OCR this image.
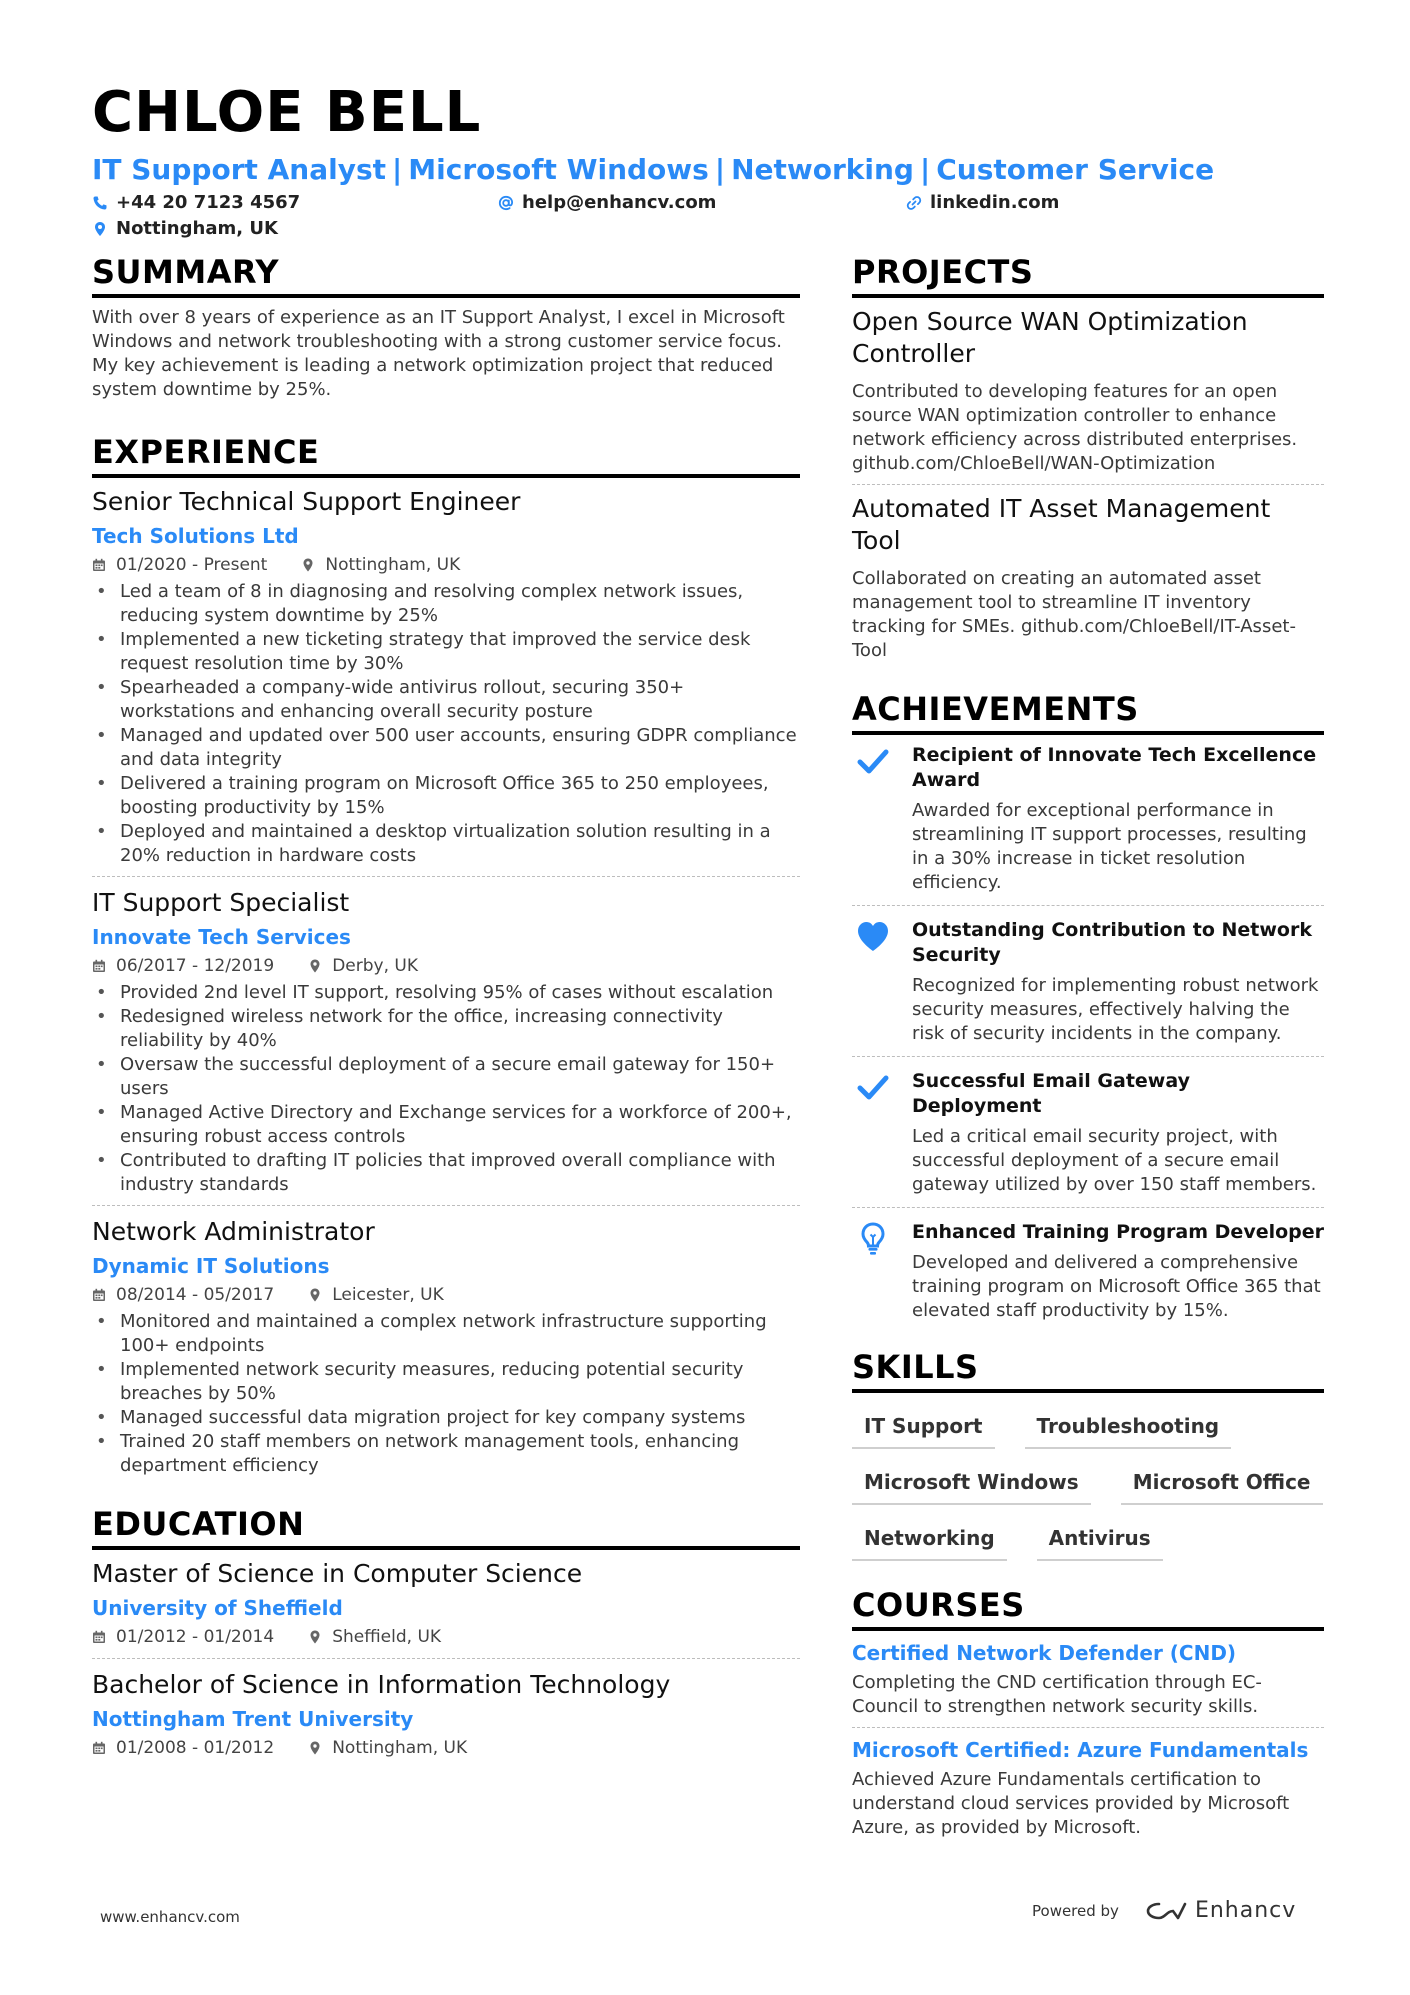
CHLOE BELL
IT Support Analyst | Microsoft Windows | Networking | Customer Service
+44 20 7123 4567	help@enhancv.com	linkedin.com
Nottingham, UK
SUMMARY

With over 8 years of experience as an IT Support Analyst, I excel in Microsoft Windows and network troubleshooting with a strong customer service focus. My key achievement is leading a network optimization project that reduced system downtime by 25%.

EXPERIENCE
Senior Technical Support Engineer
Tech Solutions Ltd
01/2020 - Present	Nottingham, UK
• Led a team of 8 in diagnosing and resolving complex network issues, reducing system downtime by 25%
• Implemented a new ticketing strategy that improved the service desk request resolution time by 30%
• Spearheaded a company-wide antivirus rollout, securing 350+ workstations and enhancing overall security posture
• Managed and updated over 500 user accounts, ensuring GDPR compliance and data integrity
• Delivered a training program on Microsoft Office 365 to 250 employees, boosting productivity by 15%
• Deployed and maintained a desktop virtualization solution resulting in a 20% reduction in hardware costs
IT Support Specialist
Innovate Tech Services
06/2017 - 12/2019	Derby, UK
• Provided 2nd level IT support, resolving 95% of cases without escalation
• Redesigned wireless network for the office, increasing connectivity reliability by 40%
• Oversaw the successful deployment of a secure email gateway for 150+ users
• Managed Active Directory and Exchange services for a workforce of 200+, ensuring robust access controls
• Contributed to drafting IT policies that improved overall compliance with industry standards
Network Administrator
Dynamic IT Solutions
08/2014 - 05/2017	Leicester, UK
• Monitored and maintained a complex network infrastructure supporting 100+ endpoints
• Implemented network security measures, reducing potential security breaches by 50%
• Managed successful data migration project for key company systems
• Trained 20 staff members on network management tools, enhancing department efficiency
EDUCATION
Master of Science in Computer Science
University of Sheffield
01/2012 - 01/2014	Sheffield, UK
Bachelor of Science in Information Technology
Nottingham Trent University
01/2008 - 01/2012	Nottingham, UK
PROJECTS
Open Source WAN Optimization Controller

Contributed to developing features for an open source WAN optimization controller to enhance network efficiency across distributed enterprises. github.com/ChloeBell/WAN-Optimization

Automated IT Asset Management Tool

Collaborated on creating an automated asset management tool to streamline IT inventory tracking for SMEs. github.com/ChloeBell/IT-Asset-Tool

ACHIEVEMENTS
Recipient of Innovate Tech Excellence Award

Awarded for exceptional performance in streamlining IT support processes, resulting in a 30% increase in ticket resolution efficiency.

Outstanding Contribution to Network Security

Recognized for implementing robust network security measures, effectively halving the risk of security incidents in the company.

Successful Email Gateway Deployment

Led a critical email security project, with successful deployment of a secure email gateway utilized by over 150 staff members.

Enhanced Training Program Developer

Developed and delivered a comprehensive training program on Microsoft Office 365 that elevated staff productivity by 15%.

SKILLS
IT Support	Troubleshooting
Microsoft Windows	Microsoft Office
Networking	Antivirus
COURSES
Certified Network Defender (CND)

Completing the CND certification through EC-Council to strengthen network security skills.

Microsoft Certified: Azure Fundamentals

Achieved Azure Fundamentals certification to understand cloud services provided by Microsoft Azure, as provided by Microsoft.

www.enhancv.com	Powered by	Enhancv
